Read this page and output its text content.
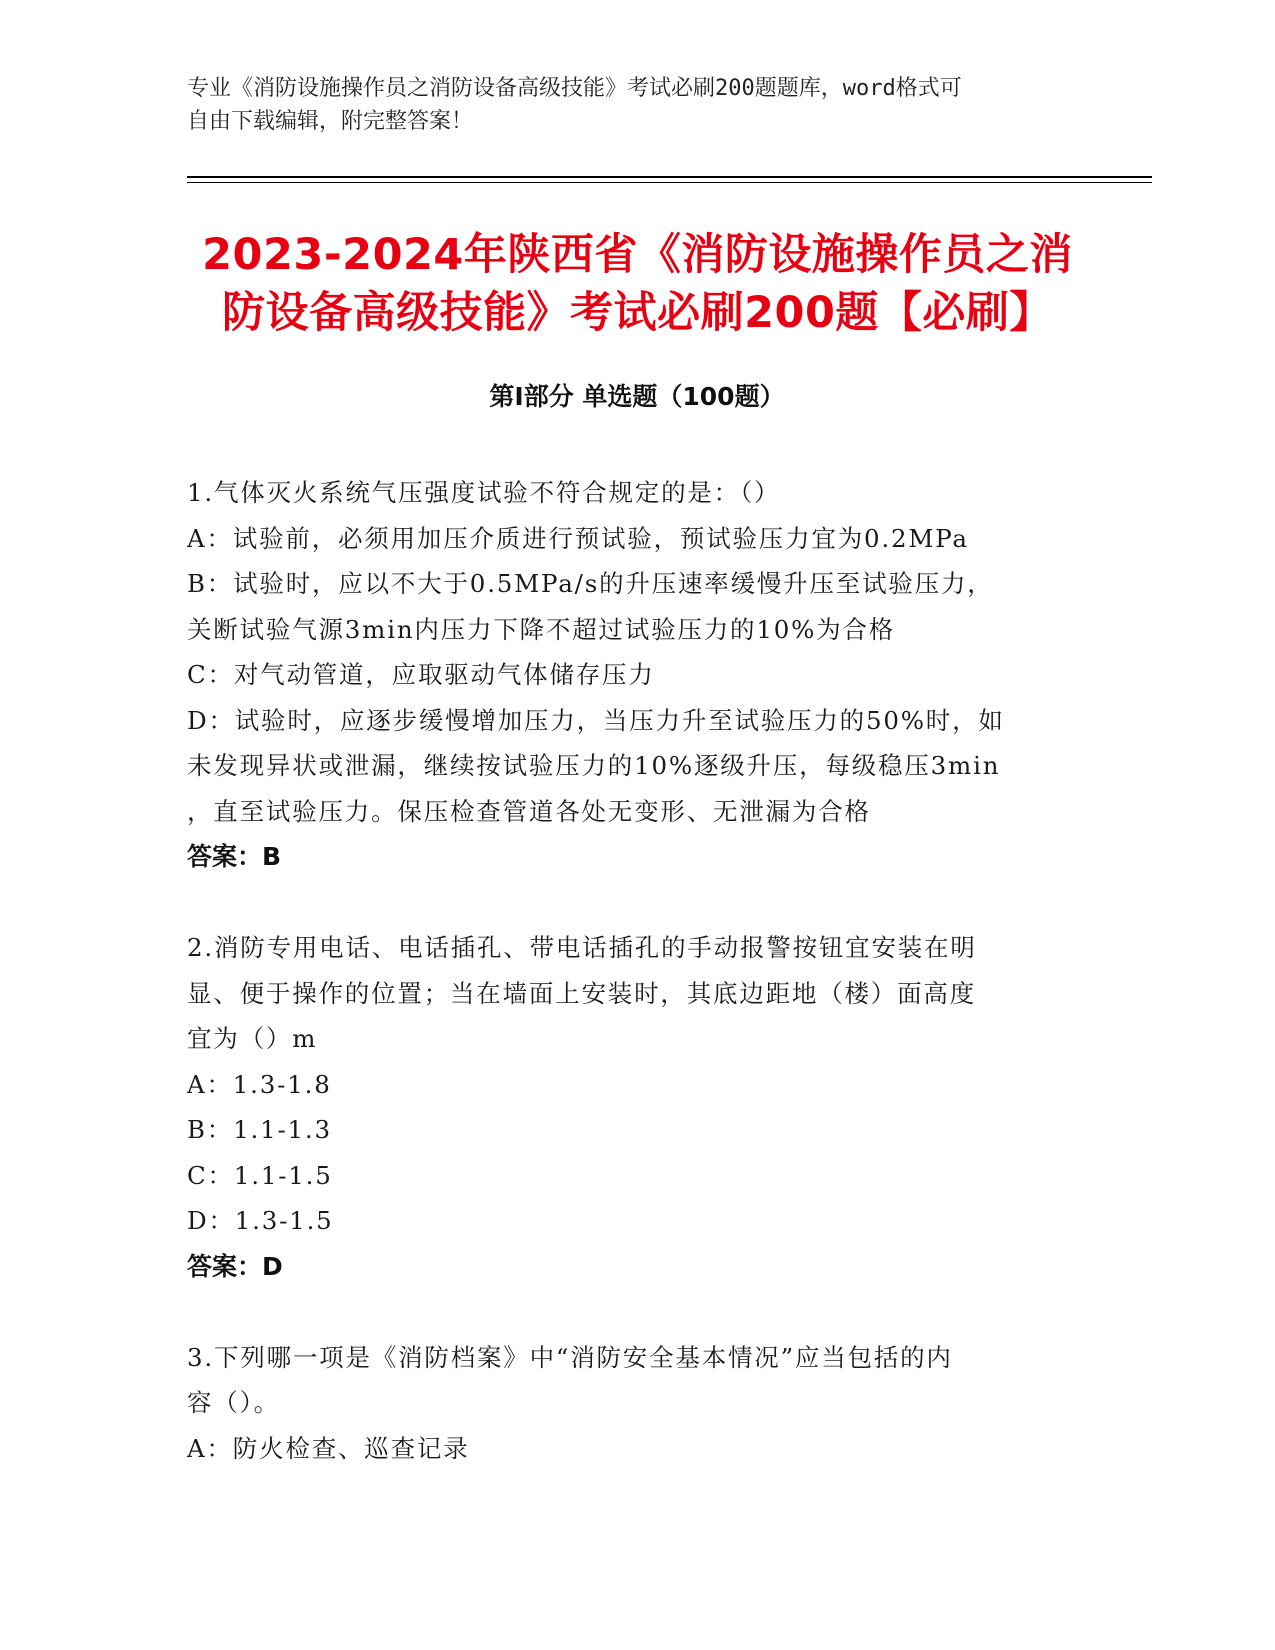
专业《消防设施操作员之消防设备高级技能》考试必刷200题题库，word格式可
自由下载编辑，附完整答案！
2023-2024年陕西省《消防设施操作员之消
防设备高级技能》考试必刷200题【必刷】
第Ⅰ部分 单选题（100题）
1.气体灭火系统气压强度试验不符合规定的是：（）
A：试验前，必须用加压介质进行预试验，预试验压力宜为0.2MPa
B：试验时，应以不大于0.5MPa/s的升压速率缓慢升压至试验压力，
关断试验气源3min内压力下降不超过试验压力的10%为合格
C：对气动管道，应取驱动气体储存压力
D：试验时，应逐步缓慢增加压力，当压力升至试验压力的50%时，如
未发现异状或泄漏，继续按试验压力的10%逐级升压，每级稳压3min
，直至试验压力。保压检查管道各处无变形、无泄漏为合格
答案：B
2.消防专用电话、电话插孔、带电话插孔的手动报警按钮宜安装在明
显、便于操作的位置；当在墙面上安装时，其底边距地（楼）面高度
宜为（）m
A：1.3-1.8
B：1.1-1.3
C：1.1-1.5
D：1.3-1.5
答案：D
3.下列哪一项是《消防档案》中“消防安全基本情况”应当包括的内
容（）。
A：防火检查、巡查记录
